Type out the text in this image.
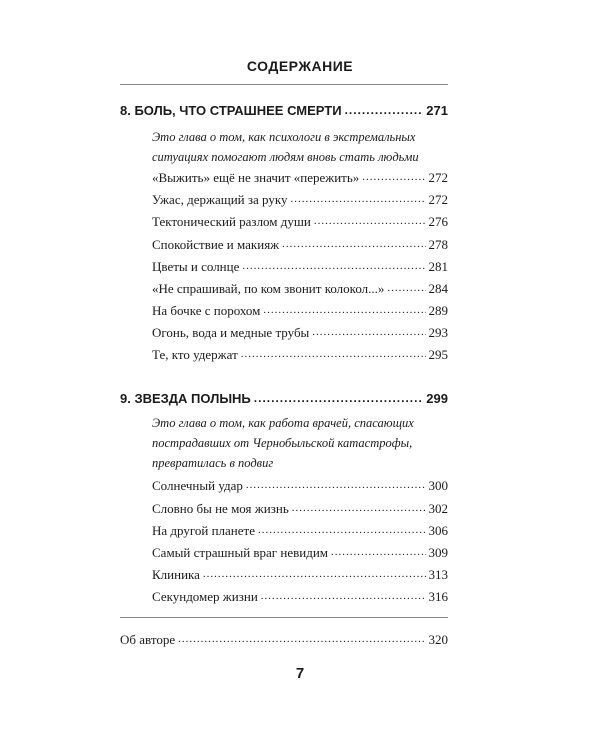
СОДЕРЖАНИЕ
8. БОЛЬ, ЧТО СТРАШНЕЕ СМЕРТИ .....	271
Это глава о том, как психологи в экстремальных
ситуациях помогают людям вновь стать людьми
«Выжить» ещё не значит «пережить» .....	272
Ужас, держащий за руку .....	272
Тектонический разлом души .....	276
Спокойствие и макияж .....	278
Цветы и солнце .....	281
«Не спрашивай, по ком звонит колокол...» .....	284
На бочке с порохом .....	289
Огонь, вода и медные трубы .....	293
Те, кто удержат .....	295
9. ЗВЕЗДА ПОЛЫНЬ .....	299
Это глава о том, как работа врачей, спасающих
пострадавших от Чернобыльской катастрофы,
превратилась в подвиг
Солнечный удар .....	300
Словно бы не моя жизнь .....	302
На другой планете .....	306
Самый страшный враг невидим .....	309
Клиника .....	313
Секундомер жизни .....	316
Об авторе .....	320
7
